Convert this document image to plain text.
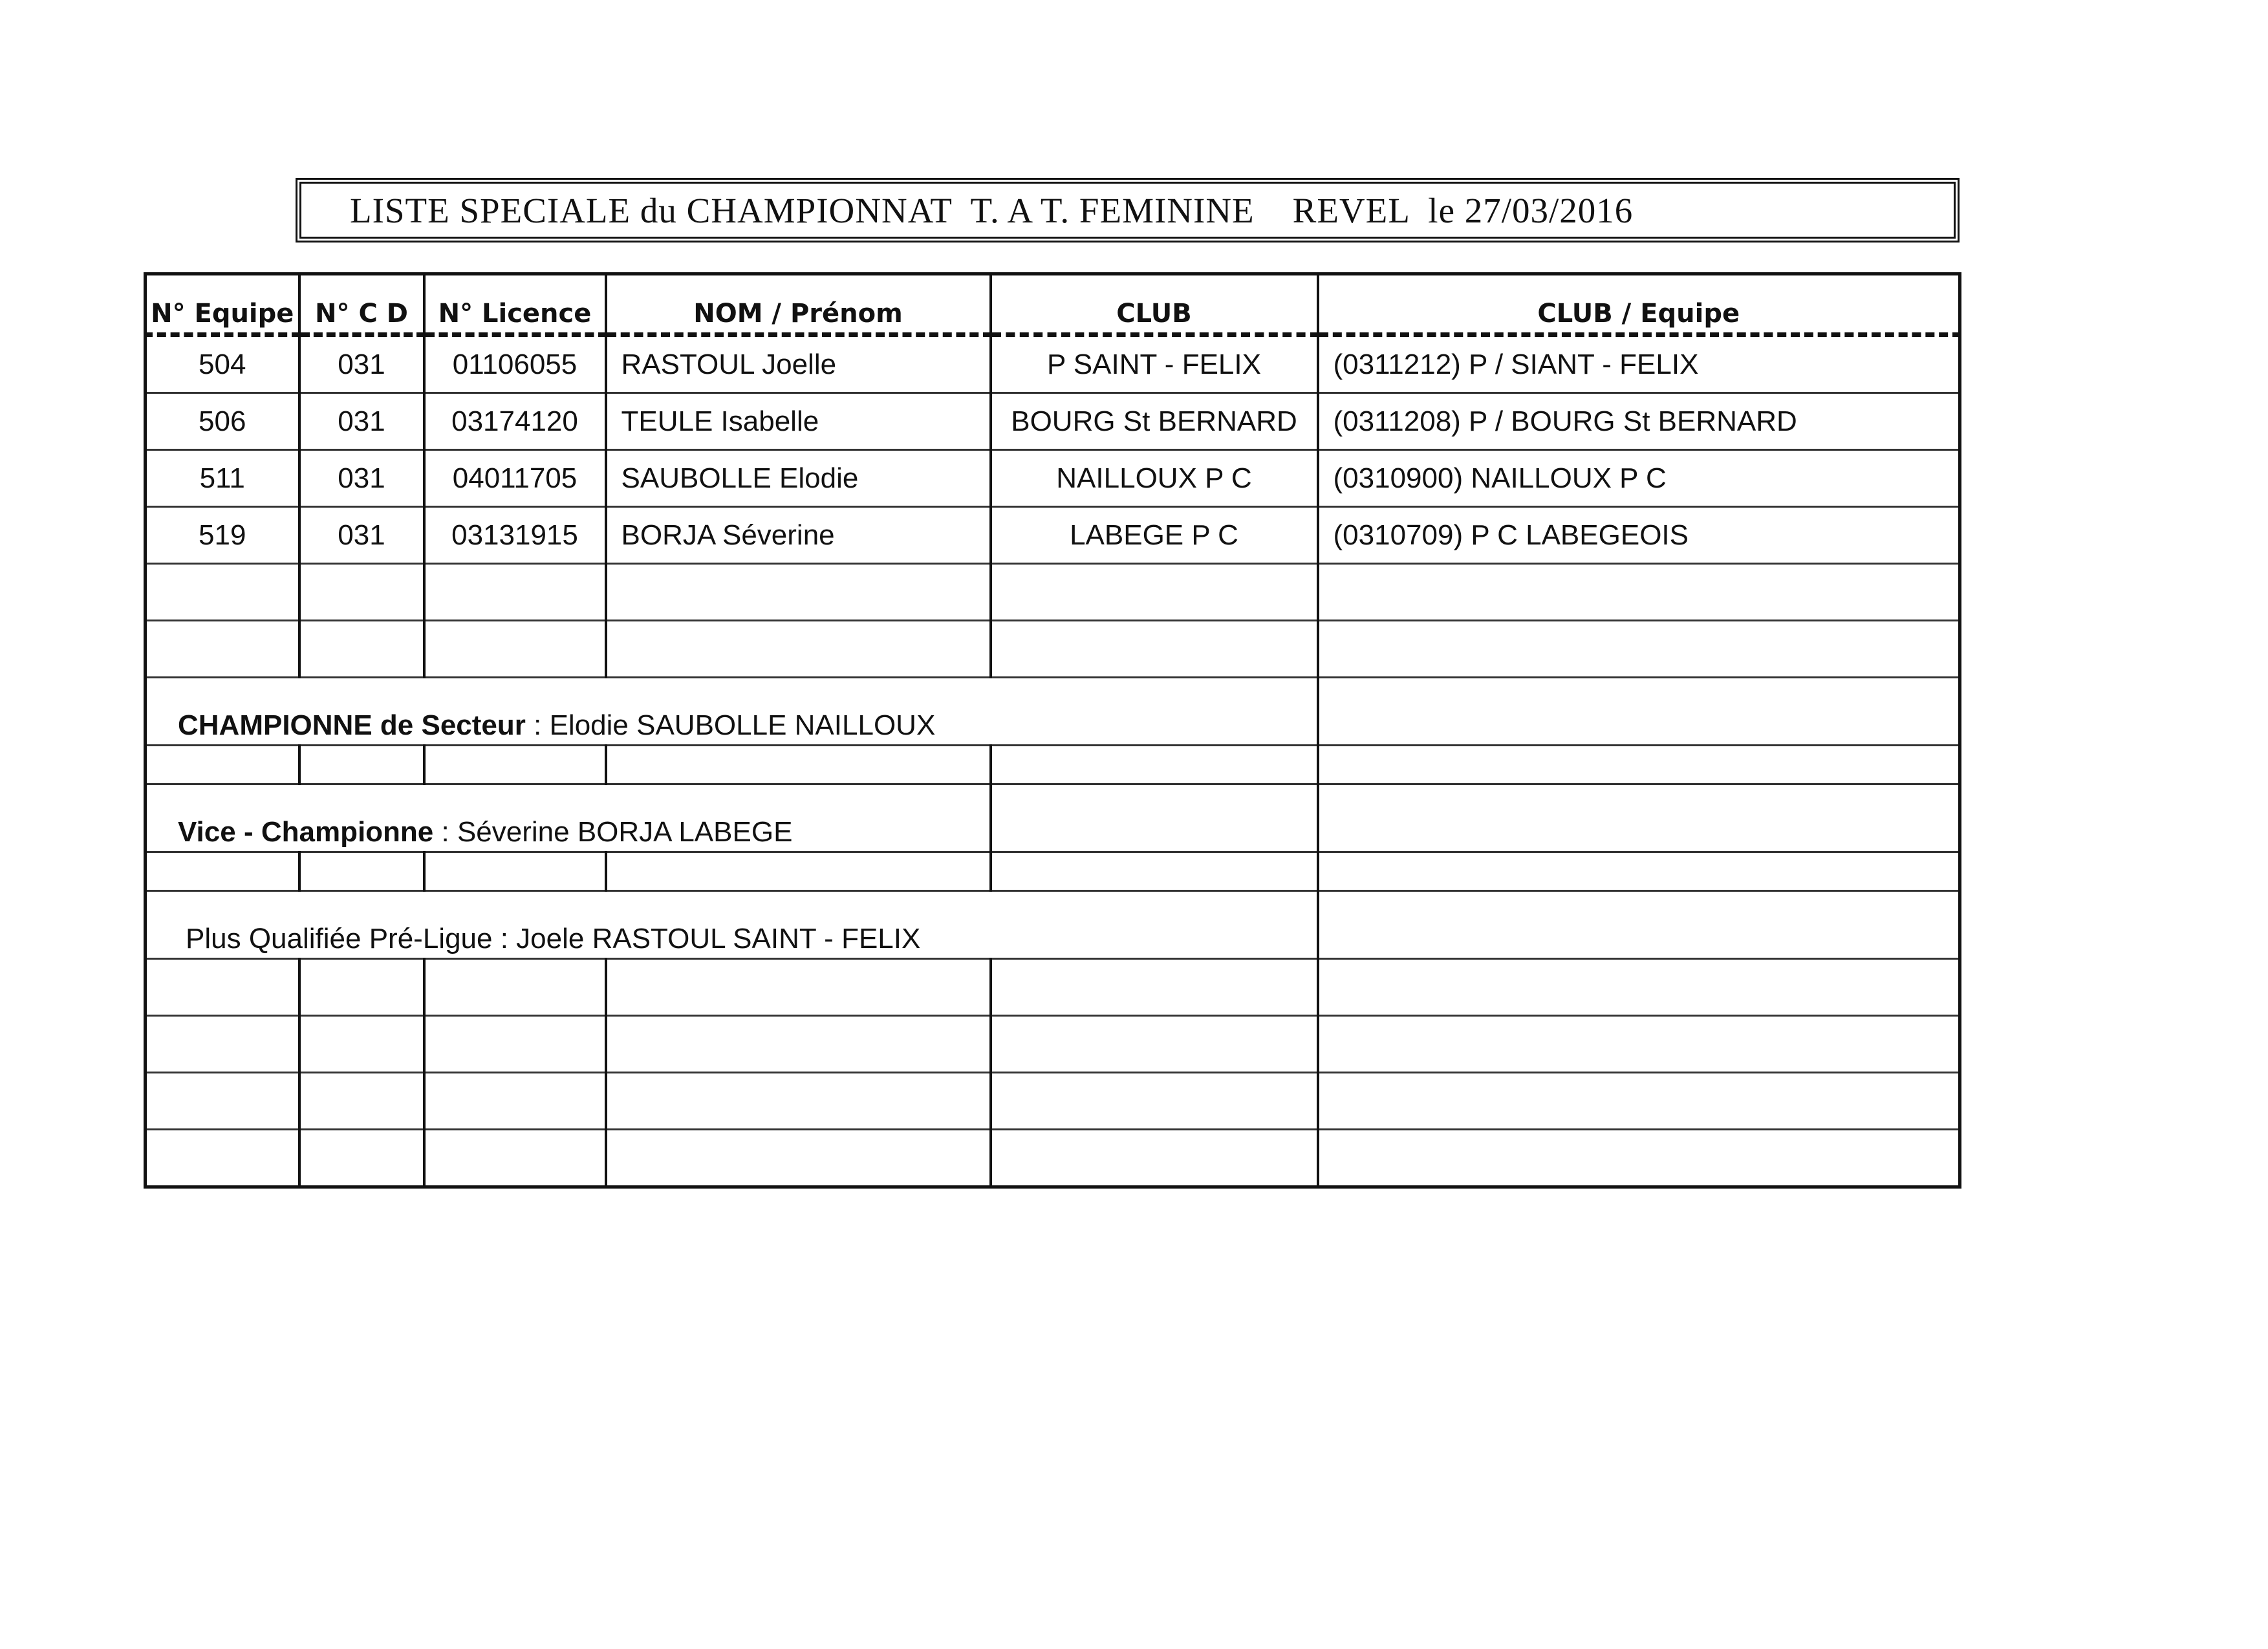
LISTE SPECIALE du CHAMPIONNAT  T. A T. FEMININE    REVEL  le 27/03/2016
N° Equipe	N° C D	N° Licence	NOM / Prénom	CLUB	CLUB / Equipe
504	031	01106055	RASTOUL Joelle	P SAINT - FELIX	(0311212) P / SIANT - FELIX
506	031	03174120	TEULE Isabelle	BOURG St BERNARD	(0311208) P / BOURG St BERNARD
511	031	04011705	SAUBOLLE Elodie	NAILLOUX P C	(0310900) NAILLOUX P C
519	031	03131915	BORJA Séverine	LABEGE P C	(0310709) P C LABEGEOIS

CHAMPIONNE de Secteur : Elodie SAUBOLLE NAILLOUX					

Vice - Championne : Séverine BORJA LABEGE					

Plus Qualifiée Pré-Ligue : Joele RASTOUL SAINT - FELIX					
